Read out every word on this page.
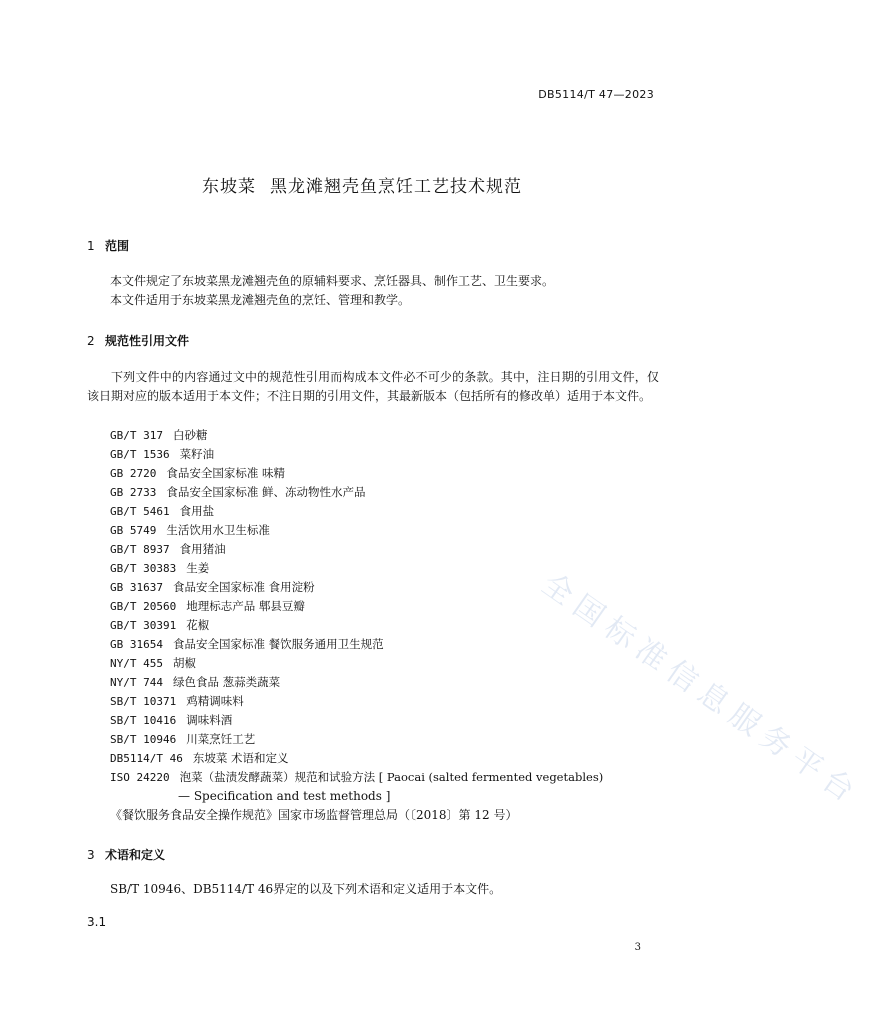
DB5114/T 47—2023
东坡菜 黑龙滩翘壳鱼烹饪工艺技术规范
1 范围
本文件规定了东坡菜黑龙滩翘壳鱼的原辅料要求、烹饪器具、制作工艺、卫生要求。
本文件适用于东坡菜黑龙滩翘壳鱼的烹饪、管理和教学。
2 规范性引用文件
下列文件中的内容通过文中的规范性引用而构成本文件必不可少的条款。其中，注日期的引用文件，仅该日期对应的版本适用于本文件；不注日期的引用文件，其最新版本（包括所有的修改单）适用于本文件。
GB/T 317 白砂糖
GB/T 1536 菜籽油
GB 2720 食品安全国家标准 味精
GB 2733 食品安全国家标准 鲜、冻动物性水产品
GB/T 5461 食用盐
GB 5749 生活饮用水卫生标准
GB/T 8937 食用猪油
GB/T 30383 生姜
GB 31637 食品安全国家标准 食用淀粉
GB/T 20560 地理标志产品 郫县豆瓣
GB/T 30391 花椒
GB 31654 食品安全国家标准 餐饮服务通用卫生规范
NY/T 455 胡椒
NY/T 744 绿色食品 葱蒜类蔬菜
SB/T 10371 鸡精调味料
SB/T 10416 调味料酒
SB/T 10946 川菜烹饪工艺
DB5114/T 46 东坡菜 术语和定义
ISO 24220 泡菜（盐渍发酵蔬菜）规范和试验方法 [ Paocai (salted fermented vegetables)
— Specification and test methods ]
《餐饮服务食品安全操作规范》国家市场监督管理总局（〔2018〕第 12 号）
3 术语和定义
SB/T 10946、DB5114/T 46界定的以及下列术语和定义适用于本文件。
3.1
3
全国标准信息服务平台
